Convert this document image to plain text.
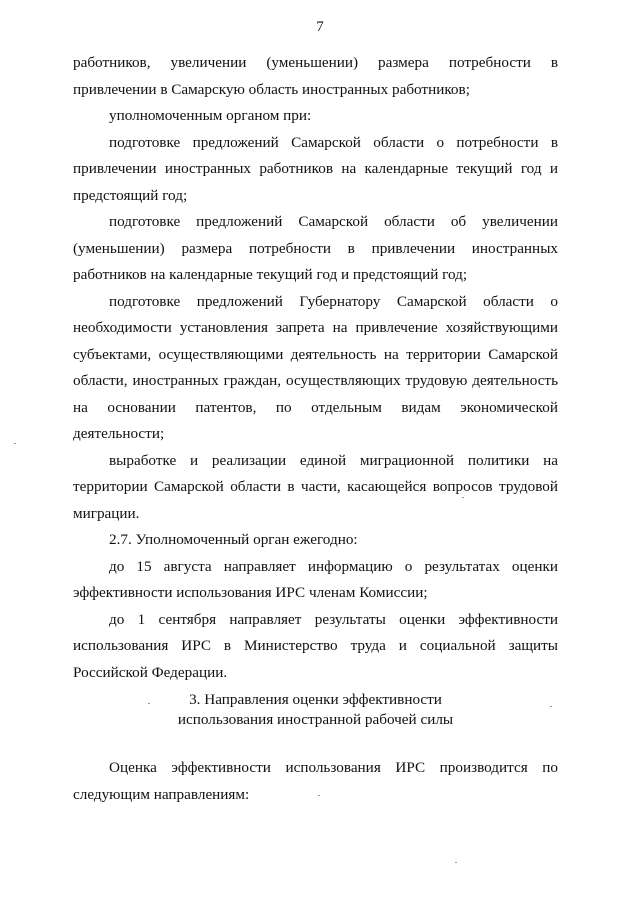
7

работников, увеличении (уменьшении) размера потребности в привлечении в Самарскую область иностранных работников;

уполномоченным органом при:

подготовке предложений Самарской области о потребности в привлечении иностранных работников на календарные текущий год и предстоящий год;

подготовке предложений Самарской области об увеличении (уменьшении) размера потребности в привлечении иностранных работников на календарные текущий год и предстоящий год;

подготовке предложений Губернатору Самарской области о необходимости установления запрета на привлечение хозяйствующими субъектами, осуществляющими деятельность на территории Самарской области, иностранных граждан, осуществляющих трудовую деятельность на основании патентов, по отдельным видам экономической деятельности;

выработке и реализации единой миграционной политики на территории Самарской области в части, касающейся вопросов трудовой миграции.

2.7. Уполномоченный орган ежегодно:

до 15 августа направляет информацию о результатах оценки эффективности использования ИРС членам Комиссии;

до 1 сентября направляет результаты оценки эффективности использования ИРС в Министерство труда и социальной защиты Российской Федерации.

3. Направления оценки эффективности
использования иностранной рабочей силы

Оценка эффективности использования ИРС производится по следующим направлениям:
